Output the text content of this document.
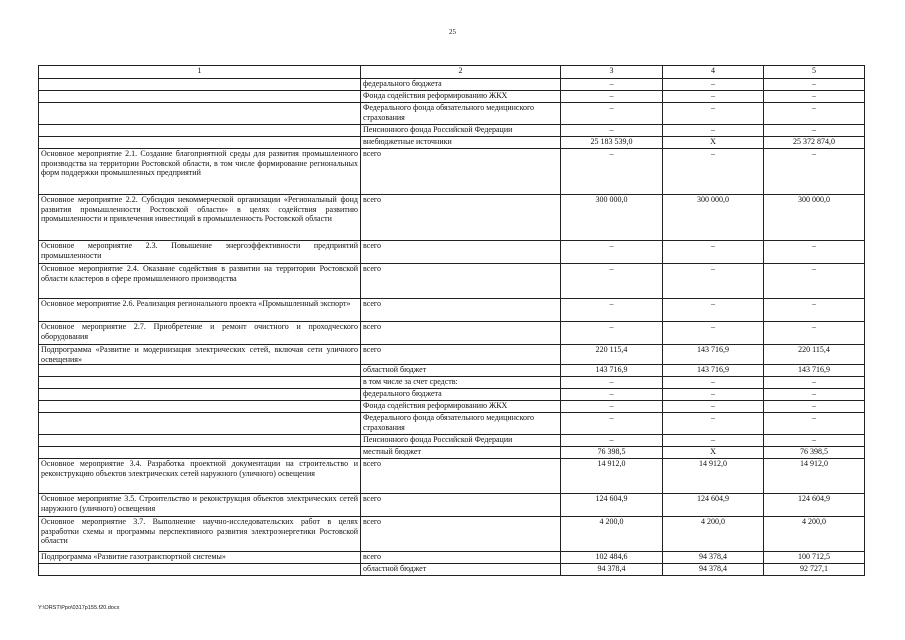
25
1	2	3	4	5
	федерального бюджета	–	–	–
	Фонда содействия реформированию ЖКХ	–	–	–
	Федерального фонда обязательного медицинского страхования	–	–	–
	Пенсионного фонда Российской Федерации	–	–	–
	внебюджетные источники	25 183 539,0	Х	25 372 874,0
Основное мероприятие 2.1. Создание благоприятной среды для развития промышленного производства на территории Ростовской области, в том числе формирование региональных форм поддержки промышленных предприятий	всего	–	–	–
Основное мероприятие 2.2. Субсидия некоммерческой организации «Региональный фонд развития промышленности Ростовской области» в целях содействия развитию промышленности и привлечения инвестиций в промышленность Ростовской области	всего	300 000,0	300 000,0	300 000,0
Основное мероприятие 2.3. Повышение энергоэффективности предприятий промышленности	всего	–	–	–
Основное мероприятие 2.4. Оказание содействия в развитии на территории Ростовской области кластеров в сфере промышленного производства	всего	–	–	–
Основное мероприятие 2.6. Реализация регионального проекта «Промышленный экспорт»	всего	–	–	–
Основное мероприятие 2.7. Приобретение и ремонт очистного и проходческого оборудования	всего	–	–	–
Подпрограмма «Развитие и модернизация электрических сетей, включая сети уличного освещения»	всего	220 115,4	143 716,9	220 115,4
	областной бюджет	143 716,9	143 716,9	143 716,9
	в том числе за счет средств:	–	–	–
	федерального бюджета	–	–	–
	Фонда содействия реформированию ЖКХ	–	–	–
	Федерального фонда обязательного медицинского страхования	–	–	–
	Пенсионного фонда Российской Федерации	–	–	–
	местный бюджет	76 398,5	Х	76 398,5
Основное мероприятие 3.4. Разработка проектной документации на строительство и реконструкцию объектов электрических сетей наружного (уличного) освещения	всего	14 912,0	14 912,0	14 912,0
Основное мероприятие 3.5. Строительство и реконструкция объектов электрических сетей наружного (уличного) освещения	всего	124 604,9	124 604,9	124 604,9
Основное мероприятие 3.7. Выполнение научно-исследовательских работ в целях разработки схемы и программы перспективного развития электроэнергетики Ростовской области	всего	4 200,0	4 200,0	4 200,0
Подпрограмма «Развитие газотранспортной системы»	всего	102 484,6	94 378,4	100 712,5
	областной бюджет	94 378,4	94 378,4	92 727,1
Y:\ORST\Ppo\0317p155.f20.docx
